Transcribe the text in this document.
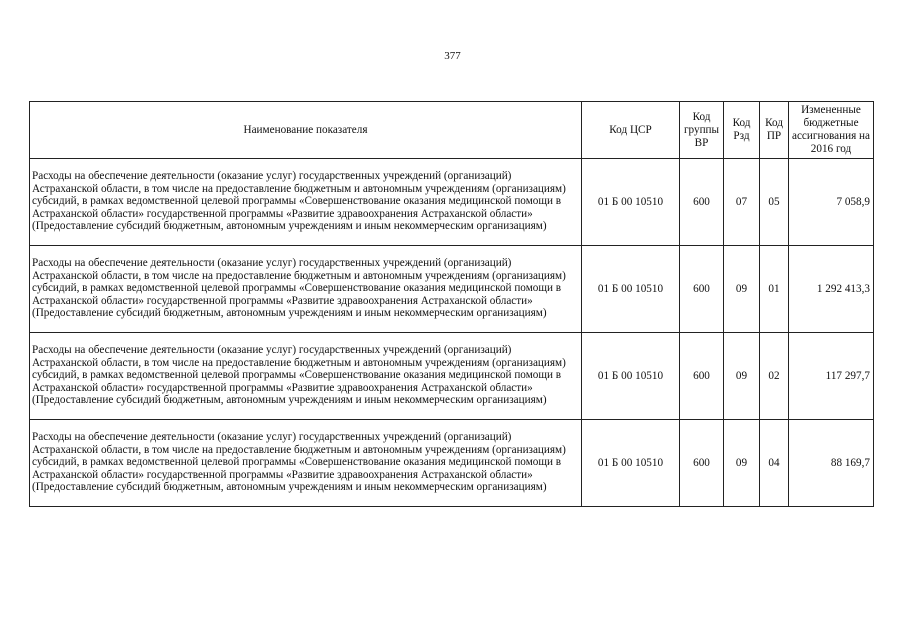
377
Наименование показателя	Код ЦСР	Код группы ВР	Код Рзд	Код ПР	Измененные бюджетные ассигнования на 2016 год
Расходы на обеспечение деятельности (оказание услуг) государственных учреждений (организаций) Астраханской области, в том числе на предоставление бюджетным и автономным учреждениям (организациям) субсидий, в рамках ведомственной целевой программы «Совершенствование оказания медицинской помощи в Астраханской области» государственной программы «Развитие здравоохранения Астраханской области» (Предоставление субсидий бюджетным, автономным учреждениям и иным некоммерческим организациям)	01 Б 00 10510	600	07	05	7 058,9
Расходы на обеспечение деятельности (оказание услуг) государственных учреждений (организаций) Астраханской области, в том числе на предоставление бюджетным и автономным учреждениям (организациям) субсидий, в рамках ведомственной целевой программы «Совершенствование оказания медицинской помощи в Астраханской области» государственной программы «Развитие здравоохранения Астраханской области» (Предоставление субсидий бюджетным, автономным учреждениям и иным некоммерческим организациям)	01 Б 00 10510	600	09	01	1 292 413,3
Расходы на обеспечение деятельности (оказание услуг) государственных учреждений (организаций) Астраханской области, в том числе на предоставление бюджетным и автономным учреждениям (организациям) субсидий, в рамках ведомственной целевой программы «Совершенствование оказания медицинской помощи в Астраханской области» государственной программы «Развитие здравоохранения Астраханской области» (Предоставление субсидий бюджетным, автономным учреждениям и иным некоммерческим организациям)	01 Б 00 10510	600	09	02	117 297,7
Расходы на обеспечение деятельности (оказание услуг) государственных учреждений (организаций) Астраханской области, в том числе на предоставление бюджетным и автономным учреждениям (организациям) субсидий, в рамках ведомственной целевой программы «Совершенствование оказания медицинской помощи в Астраханской области» государственной программы «Развитие здравоохранения Астраханской области» (Предоставление субсидий бюджетным, автономным учреждениям и иным некоммерческим организациям)	01 Б 00 10510	600	09	04	88 169,7
